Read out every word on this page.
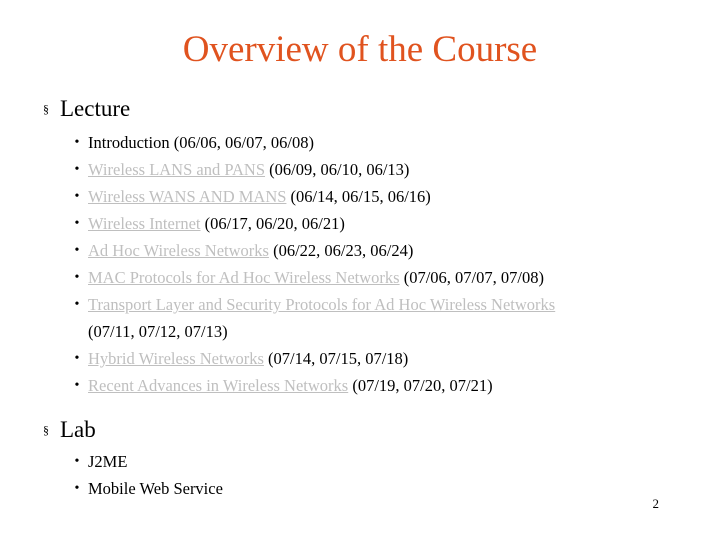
Overview of the Course
§ Lecture
• Introduction (06/06, 06/07, 06/08)
• Wireless LANS and PANS (06/09, 06/10, 06/13)
• Wireless WANS AND MANS (06/14, 06/15, 06/16)
• Wireless Internet (06/17, 06/20, 06/21)
• Ad Hoc Wireless Networks (06/22, 06/23, 06/24)
• MAC Protocols for Ad Hoc Wireless Networks (07/06, 07/07, 07/08)
• Transport Layer and Security Protocols for Ad Hoc Wireless Networks
(07/11, 07/12, 07/13)
• Hybrid Wireless Networks (07/14, 07/15, 07/18)
• Recent Advances in Wireless Networks (07/19, 07/20, 07/21)
§ Lab
• J2ME
• Mobile Web Service
2
